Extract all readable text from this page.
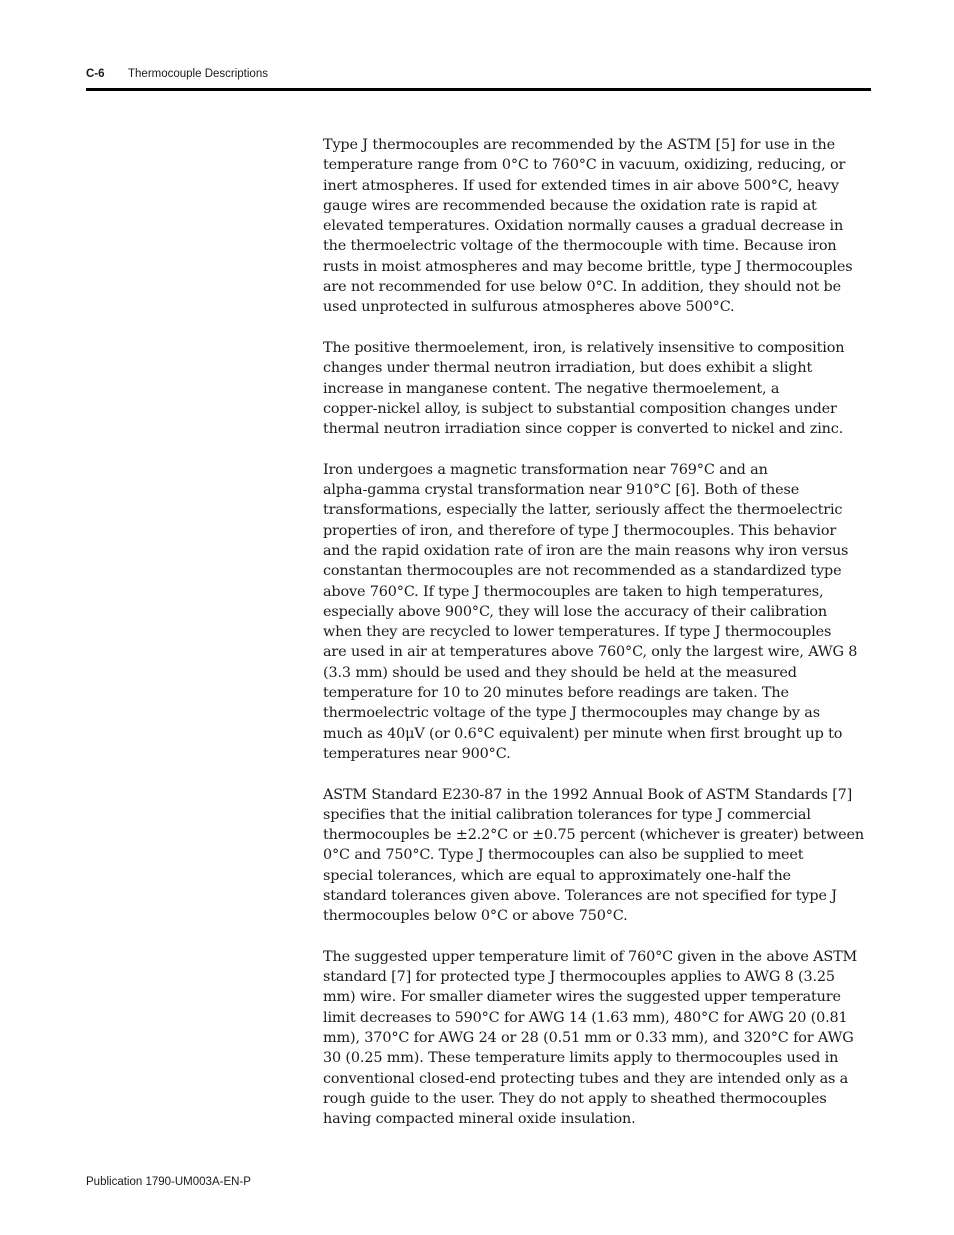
C-6 Thermocouple Descriptions

Type J thermocouples are recommended by the ASTM [5] for use in the
temperature range from 0°C to 760°C in vacuum, oxidizing, reducing, or
inert atmospheres. If used for extended times in air above 500°C, heavy
gauge wires are recommended because the oxidation rate is rapid at
elevated temperatures. Oxidation normally causes a gradual decrease in
the thermoelectric voltage of the thermocouple with time. Because iron
rusts in moist atmospheres and may become brittle, type J thermocouples
are not recommended for use below 0°C. In addition, they should not be
used unprotected in sulfurous atmospheres above 500°C.

The positive thermoelement, iron, is relatively insensitive to composition
changes under thermal neutron irradiation, but does exhibit a slight
increase in manganese content. The negative thermoelement, a
copper-nickel alloy, is subject to substantial composition changes under
thermal neutron irradiation since copper is converted to nickel and zinc.

Iron undergoes a magnetic transformation near 769°C and an
alpha-gamma crystal transformation near 910°C [6]. Both of these
transformations, especially the latter, seriously affect the thermoelectric
properties of iron, and therefore of type J thermocouples. This behavior
and the rapid oxidation rate of iron are the main reasons why iron versus
constantan thermocouples are not recommended as a standardized type
above 760°C. If type J thermocouples are taken to high temperatures,
especially above 900°C, they will lose the accuracy of their calibration
when they are recycled to lower temperatures. If type J thermocouples
are used in air at temperatures above 760°C, only the largest wire, AWG 8
(3.3 mm) should be used and they should be held at the measured
temperature for 10 to 20 minutes before readings are taken. The
thermoelectric voltage of the type J thermocouples may change by as
much as 40μV (or 0.6°C equivalent) per minute when first brought up to
temperatures near 900°C.

ASTM Standard E230-87 in the 1992 Annual Book of ASTM Standards [7]
specifies that the initial calibration tolerances for type J commercial
thermocouples be ±2.2°C or ±0.75 percent (whichever is greater) between
0°C and 750°C. Type J thermocouples can also be supplied to meet
special tolerances, which are equal to approximately one-half the
standard tolerances given above. Tolerances are not specified for type J
thermocouples below 0°C or above 750°C.

The suggested upper temperature limit of 760°C given in the above ASTM
standard [7] for protected type J thermocouples applies to AWG 8 (3.25
mm) wire. For smaller diameter wires the suggested upper temperature
limit decreases to 590°C for AWG 14 (1.63 mm), 480°C for AWG 20 (0.81
mm), 370°C for AWG 24 or 28 (0.51 mm or 0.33 mm), and 320°C for AWG
30 (0.25 mm). These temperature limits apply to thermocouples used in
conventional closed-end protecting tubes and they are intended only as a
rough guide to the user. They do not apply to sheathed thermocouples
having compacted mineral oxide insulation.

Publication 1790-UM003A-EN-P
